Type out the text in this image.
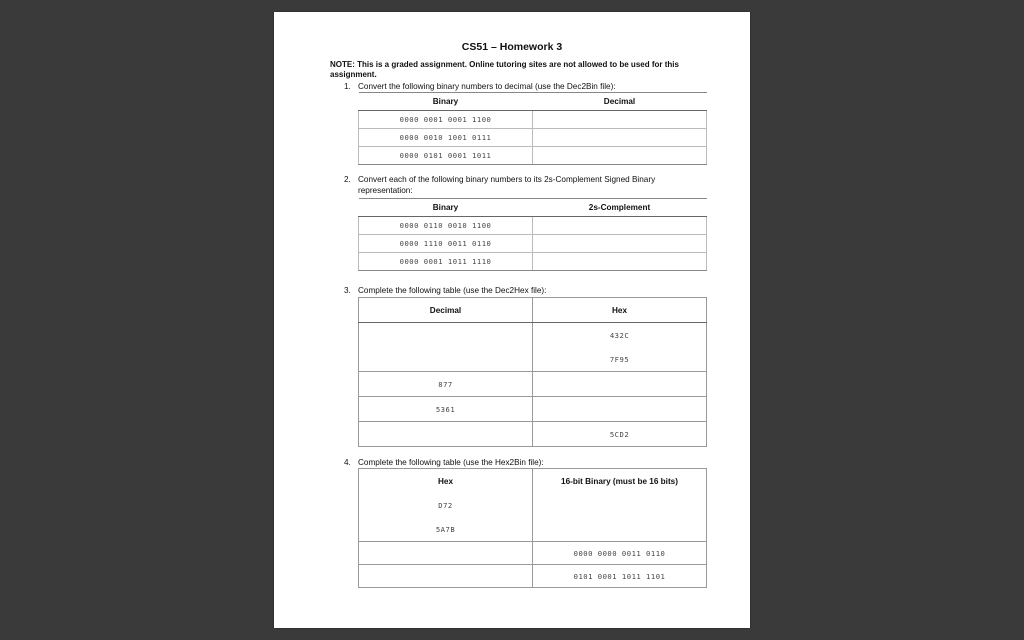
CS51 – Homework 3
NOTE: This is a graded assignment. Online tutoring sites are not allowed to be used for this assignment.
1. Convert the following binary numbers to decimal (use the Dec2Bin file):
Binary	Decimal
0000 0001 0001 1100	
0000 0010 1001 0111	
0000 0101 0001 1011	
2. Convert each of the following binary numbers to its 2s-Complement Signed Binary representation:
Binary	2s-Complement
0000 0110 0010 1100	
0000 1110 0011 0110	
0000 0001 1011 1110	
3. Complete the following table (use the Dec2Hex file):
Decimal	Hex
	432C
	7F95
877	
5361	
	5CD2
4. Complete the following table (use the Hex2Bin file):
Hex	16-bit Binary (must be 16 bits)
D72	
5A7B	
	0000 0000 0011 0110
	0101 0001 1011 1101
